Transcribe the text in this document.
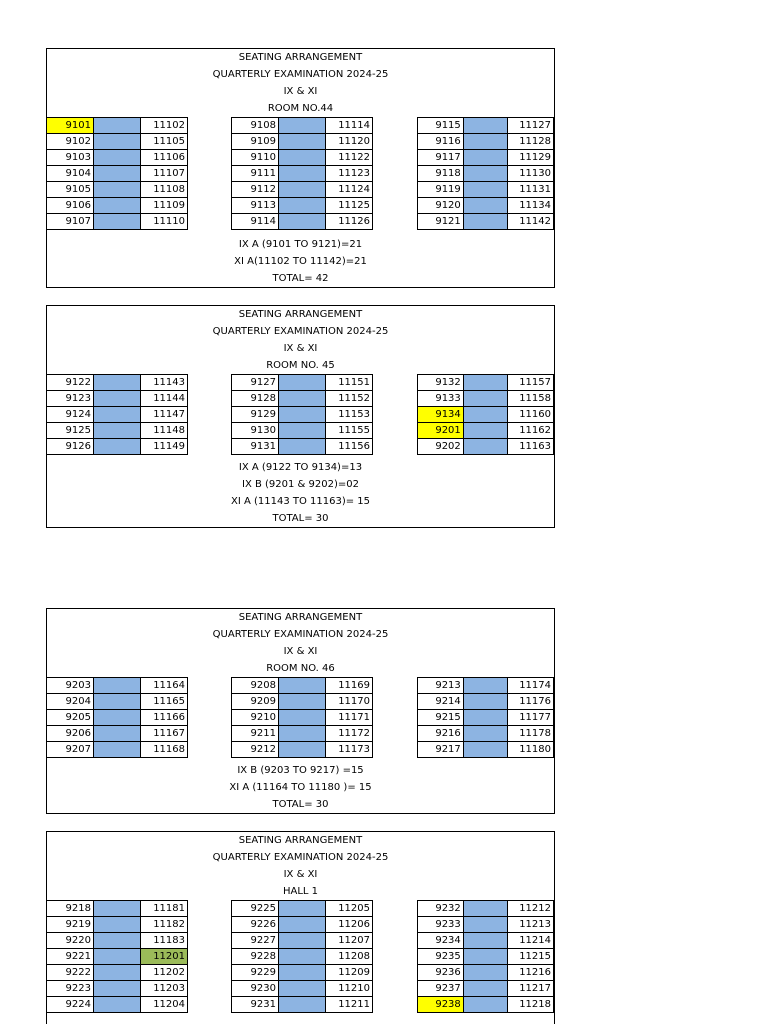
SEATING ARRANGEMENT
QUARTERLY EXAMINATION 2024-25
IX & XI
ROOM NO.44
9101		11102
9102		11105
9103		11106
9104		11107
9105		11108
9106		11109
9107		11110
9108		11114
9109		11120
9110		11122
9111		11123
9112		11124
9113		11125
9114		11126
9115		11127
9116		11128
9117		11129
9118		11130
9119		11131
9120		11134
9121		11142
IX A (9101 TO 9121)=21
XI A(11102 TO 11142)=21
TOTAL= 42
SEATING ARRANGEMENT
QUARTERLY EXAMINATION 2024-25
IX & XI
ROOM NO. 45
9122		11143
9123		11144
9124		11147
9125		11148
9126		11149
9127		11151
9128		11152
9129		11153
9130		11155
9131		11156
9132		11157
9133		11158
9134		11160
9201		11162
9202		11163
IX A (9122 TO 9134)=13
IX B (9201 & 9202)=02
XI A (11143 TO 11163)= 15
TOTAL= 30
SEATING ARRANGEMENT
QUARTERLY EXAMINATION 2024-25
IX & XI
ROOM NO. 46
9203		11164
9204		11165
9205		11166
9206		11167
9207		11168
9208		11169
9209		11170
9210		11171
9211		11172
9212		11173
9213		11174
9214		11176
9215		11177
9216		11178
9217		11180
IX B (9203 TO 9217) =15
XI A (11164 TO 11180 )= 15
TOTAL= 30
SEATING ARRANGEMENT
QUARTERLY EXAMINATION 2024-25
IX & XI
HALL 1
9218		11181
9219		11182
9220		11183
9221		11201
9222		11202
9223		11203
9224		11204
9225		11205
9226		11206
9227		11207
9228		11208
9229		11209
9230		11210
9231		11211
9232		11212
9233		11213
9234		11214
9235		11215
9236		11216
9237		11217
9238		11218
